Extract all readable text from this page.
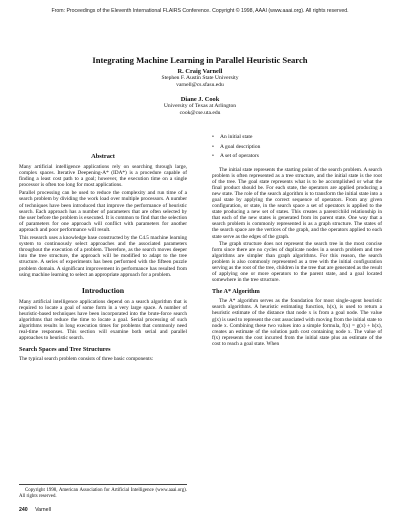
From: Proceedings of the Eleventh International FLAIRS Conference. Copyright © 1998, AAAI (www.aaai.org). All rights reserved.
Integrating Machine Learning in Parallel Heuristic Search
R. Craig Varnell
Stephen F. Austin State University
varnell@cs.sfasu.edu
Diane J. Cook
University of Texas at Arlington
cook@cse.uta.edu
Abstract

Many artificial intelligence applications rely on searching through large, complex spaces. Iterative Deepening-A* (IDA*) is a procedure capable of finding a least cost path to a goal; however, the execution time on a single processor is often too long for most applications.

Parallel processing can be used to reduce the complexity and run time of a search problem by dividing the work load over multiple processors. A number of techniques have been introduced that improve the performance of heuristic search. Each approach has a number of parameters that are often selected by the user before the problem is executed. It is common to find that the selection of parameters for one approach will conflict with parameters for another approach and poor performance will result.

This research uses a knowledge base constructed by the C4.5 machine learning system to continuously select approaches and the associated parameters throughout the execution of a problem. Therefore, as the search moves deeper into the tree structure, the approach will be modified to adapt to the tree structure. A series of experiments has been performed with the fifteen puzzle problem domain. A significant improvement in performance has resulted from using machine learning to select an appropriate approach for a problem.

Introduction

Many artificial intelligence applications depend on a search algorithm that is required to locate a goal of some form in a very large space. A number of heuristic-based techniques have been incorporated into the brute-force search algorithms that reduce the time to locate a goal. Serial processing of such algorithms results in long execution times for problems that commonly need real-time responses. This section will examine both serial and parallel approaches to heuristic search.

Search Spaces and Tree Structures

The typical search problem consists of three basic components:

Copyright 1998, American Association for Artificial Intelligence (www.aaai.org). All rights reserved.

240 Varnell
• An initial state
• A goal description
• A set of operators

The initial state represents the starting point of the search problem. A search problem is often represented as a tree structure, and the initial state is the root of the tree. The goal state represents what is to be accomplished or what the final product should be. For each state, the operators are applied producing a new state. The role of the search algorithm is to transform the initial state into a goal state by applying the correct sequence of operators. From any given configuration, or state, in the search space a set of operators is applied to the state producing a new set of states. This creates a parent/child relationship in that each of the new states is generated from its parent state. One way that a search problem is commonly represented is as a graph structure. The states of the search space are the vertices of the graph, and the operators applied to each state serve as the edges of the graph.

The graph structure does not represent the search tree in the most concise form since there are no cycles of duplicate nodes in a search problem and tree algorithms are simpler than graph algorithms. For this reason, the search problem is also commonly represented as a tree with the initial configuration serving as the root of the tree, children in the tree that are generated as the result of applying one or more operators to the parent state, and a goal located somewhere in the tree structure.

The A* Algorithm

The A* algorithm serves as the foundation for most single-agent heuristic search algorithms. A heuristic estimating function, h(x), is used to return a heuristic estimate of the distance that node x is from a goal node. The value g(x) is used to represent the cost associated with moving from the initial state to node x. Combining these two values into a simple formula, f(x) = g(x) + h(x), creates an estimate of the solution path cost containing node x. The value of f(x) represents the cost incurred from the initial state plus an estimate of the cost to reach a goal state. When
